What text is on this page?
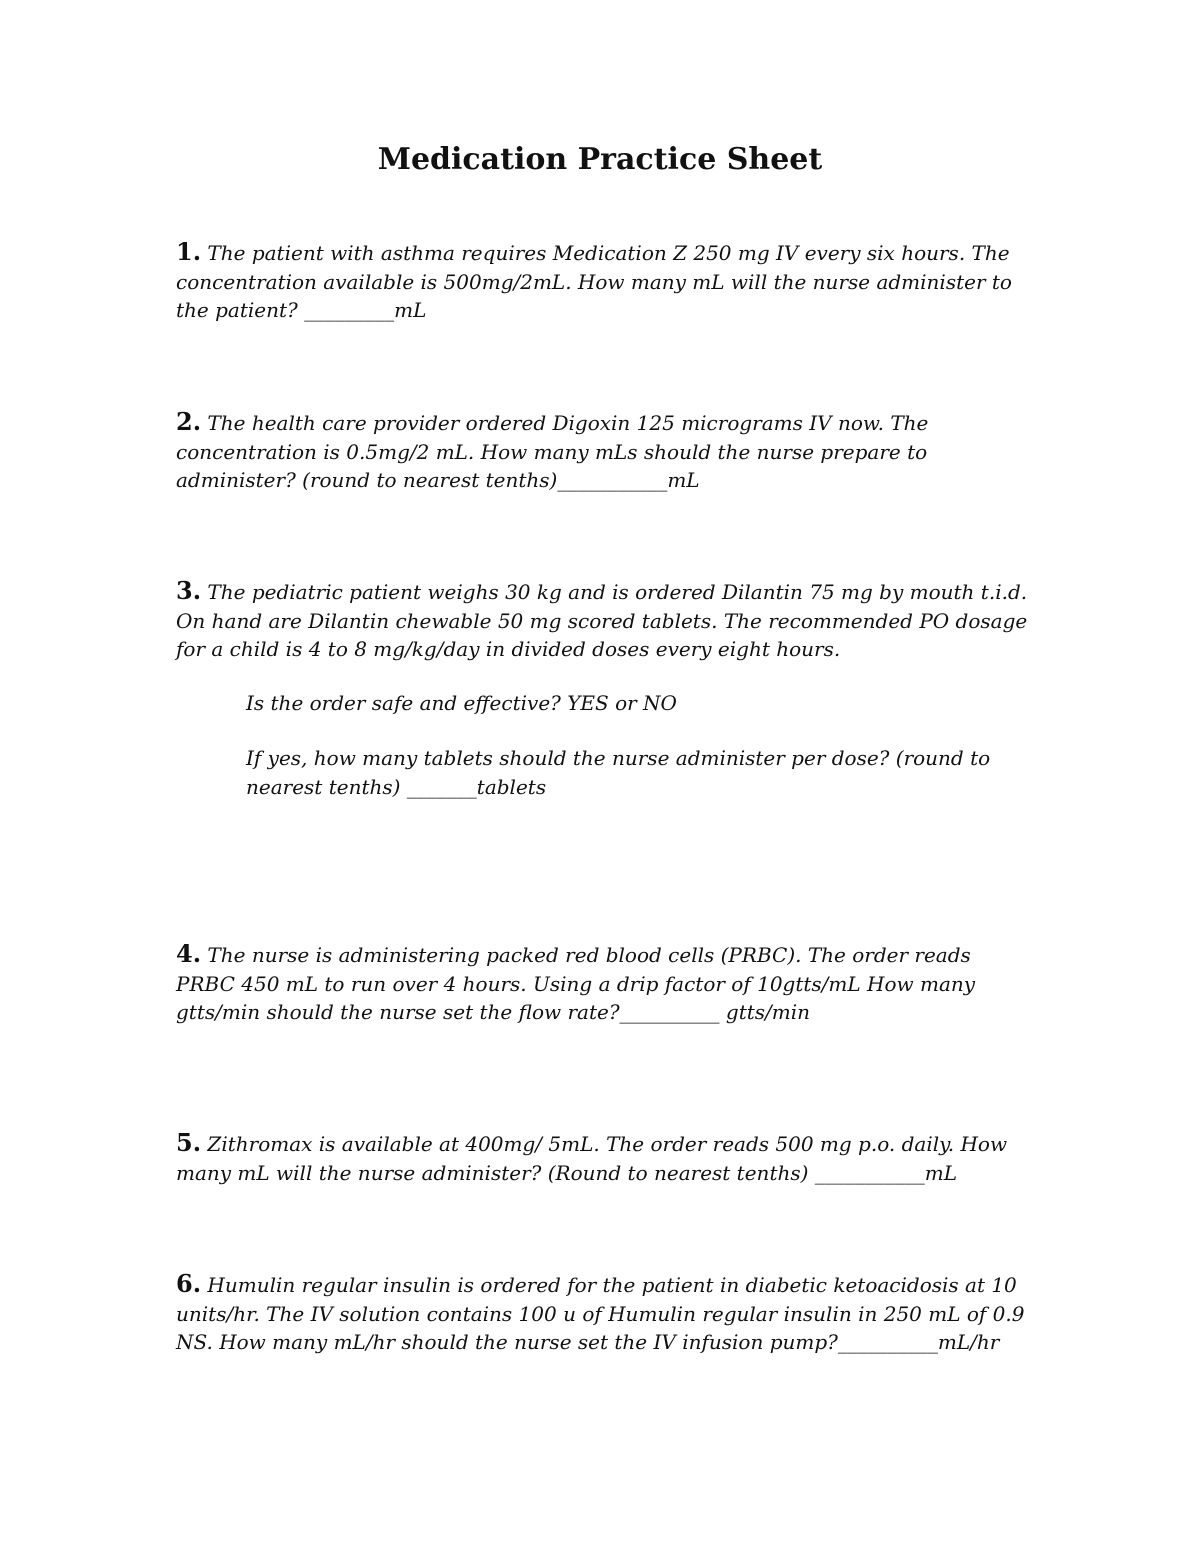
Medication Practice Sheet
1. The patient with asthma requires Medication Z 250 mg IV every six hours. The concentration available is 500mg/2mL. How many mL will the nurse administer to the patient? _________mL
2. The health care provider ordered Digoxin 125 micrograms IV now. The concentration is 0.5mg/2 mL. How many mLs should the nurse prepare to administer? (round to nearest tenths)___________mL
3. The pediatric patient weighs 30 kg and is ordered Dilantin 75 mg by mouth t.i.d. On hand are Dilantin chewable 50 mg scored tablets. The recommended PO dosage for a child is 4 to 8 mg/kg/day in divided doses every eight hours.
Is the order safe and effective? YES or NO
If yes, how many tablets should the nurse administer per dose? (round to nearest tenths) _______tablets
4. The nurse is administering packed red blood cells (PRBC). The order reads PRBC 450 mL to run over 4 hours. Using a drip factor of 10gtts/mL How many gtts/min should the nurse set the flow rate?__________ gtts/min
5. Zithromax is available at 400mg/ 5mL. The order reads 500 mg p.o. daily. How many mL will the nurse administer? (Round to nearest tenths) ___________mL
6. Humulin regular insulin is ordered for the patient in diabetic ketoacidosis at 10 units/hr. The IV solution contains 100 u of Humulin regular insulin in 250 mL of 0.9 NS. How many mL/hr should the nurse set the IV infusion pump?__________mL/hr
